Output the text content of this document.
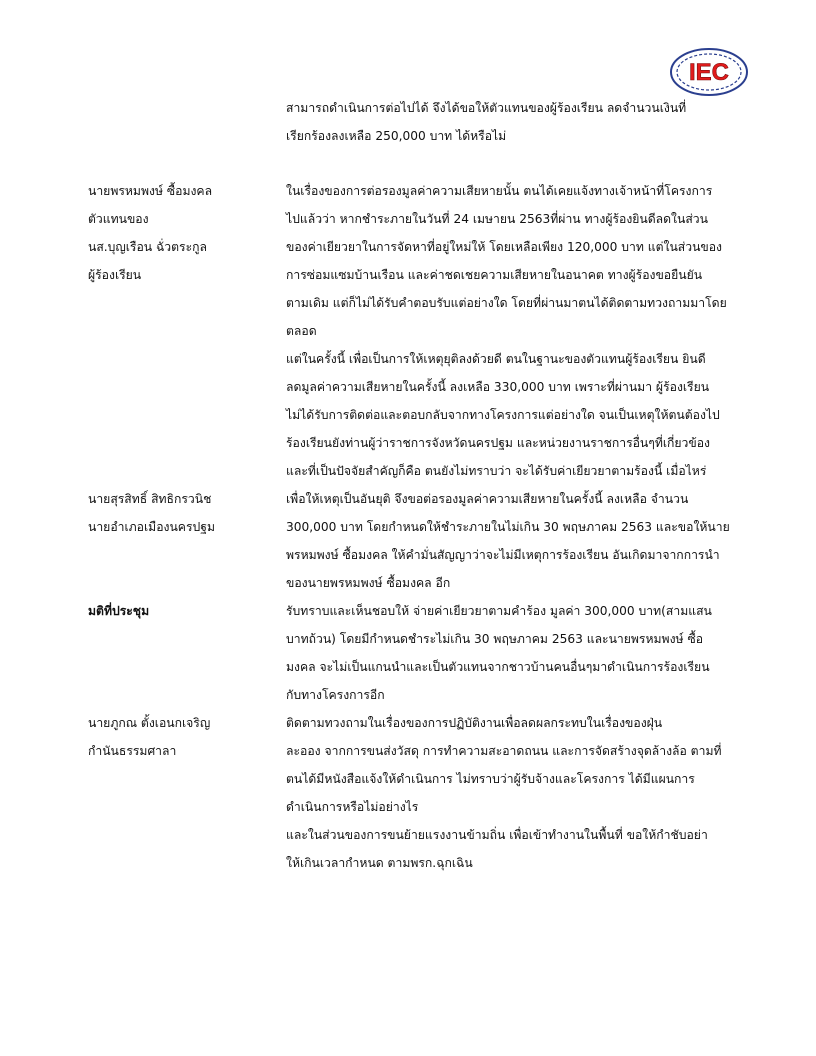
IEC
สามารถดำเนินการต่อไปได้ จึงได้ขอให้ตัวแทนของผู้ร้องเรียน ลดจำนวนเงินที่
เรียกร้องลงเหลือ 250,000 บาท ได้หรือไม่
นายพรหมพงษ์ ซื้อมงคล
ตัวแทนของ
นส.บุญเรือน ฉั่วตระกูล
ผู้ร้องเรียน
ในเรื่องของการต่อรองมูลค่าความเสียหายนั้น ตนได้เคยแจ้งทางเจ้าหน้าที่โครงการ
ไปแล้วว่า หากชำระภายในวันที่ 24 เมษายน 2563ที่ผ่าน ทางผู้ร้องยินดีลดในส่วน
ของค่าเยียวยาในการจัดหาที่อยู่ใหม่ให้ โดยเหลือเพียง 120,000 บาท แต่ในส่วนของ
การซ่อมแซมบ้านเรือน และค่าชดเชยความเสียหายในอนาคต ทางผู้ร้องขอยืนยัน
ตามเดิม แต่ก็ไม่ได้รับคำตอบรับแต่อย่างใด โดยที่ผ่านมาตนได้ติดตามทวงถามมาโดย
ตลอด
แต่ในครั้งนี้ เพื่อเป็นการให้เหตุยุติลงด้วยดี ตนในฐานะของตัวแทนผู้ร้องเรียน ยินดี
ลดมูลค่าความเสียหายในครั้งนี้ ลงเหลือ 330,000 บาท เพราะที่ผ่านมา ผู้ร้องเรียน
ไม่ได้รับการติดต่อและตอบกลับจากทางโครงการแต่อย่างใด จนเป็นเหตุให้ตนต้องไป
ร้องเรียนยังท่านผู้ว่าราชการจังหวัดนครปฐม และหน่วยงานราชการอื่นๆที่เกี่ยวข้อง
และที่เป็นปัจจัยสำคัญก็คือ ตนยังไม่ทราบว่า จะได้รับค่าเยียวยาตามร้องนี้ เมื่อไหร่
นายสุรสิทธิ์ สิทธิกรวนิช
นายอำเภอเมืองนครปฐม
เพื่อให้เหตุเป็นอันยุติ จึงขอต่อรองมูลค่าความเสียหายในครั้งนี้ ลงเหลือ จำนวน
300,000 บาท โดยกำหนดให้ชำระภายในไม่เกิน 30 พฤษภาคม 2563 และขอให้นาย
พรหมพงษ์ ซื้อมงคล ให้คำมั่นสัญญาว่าจะไม่มีเหตุการร้องเรียน อันเกิดมาจากการนำ
ของนายพรหมพงษ์ ซื้อมงคล อีก
มติที่ประชุม	รับทราบและเห็นชอบให้ จ่ายค่าเยียวยาตามคำร้อง มูลค่า 300,000 บาท(สามแสน
บาทถ้วน) โดยมีกำหนดชำระไม่เกิน 30 พฤษภาคม 2563 และนายพรหมพงษ์ ซื้อ
มงคล จะไม่เป็นแกนนำและเป็นตัวแทนจากชาวบ้านคนอื่นๆมาดำเนินการร้องเรียน
กับทางโครงการอีก
นายภูกณ ตั้งเอนกเจริญ
กำนันธรรมศาลา
ติดตามทวงถามในเรื่องของการปฏิบัติงานเพื่อลดผลกระทบในเรื่องของฝุ่น
ละออง จากการขนส่งวัสดุ การทำความสะอาดถนน และการจัดสร้างจุดล้างล้อ ตามที่
ตนได้มีหนังสือแจ้งให้ดำเนินการ ไม่ทราบว่าผู้รับจ้างและโครงการ ได้มีแผนการ
ดำเนินการหรือไม่อย่างไร
และในส่วนของการขนย้ายแรงงานข้ามถิ่น เพื่อเข้าทำงานในพื้นที่ ขอให้กำชับอย่า
ให้เกินเวลากำหนด ตามพรก.ฉุกเฉิน
